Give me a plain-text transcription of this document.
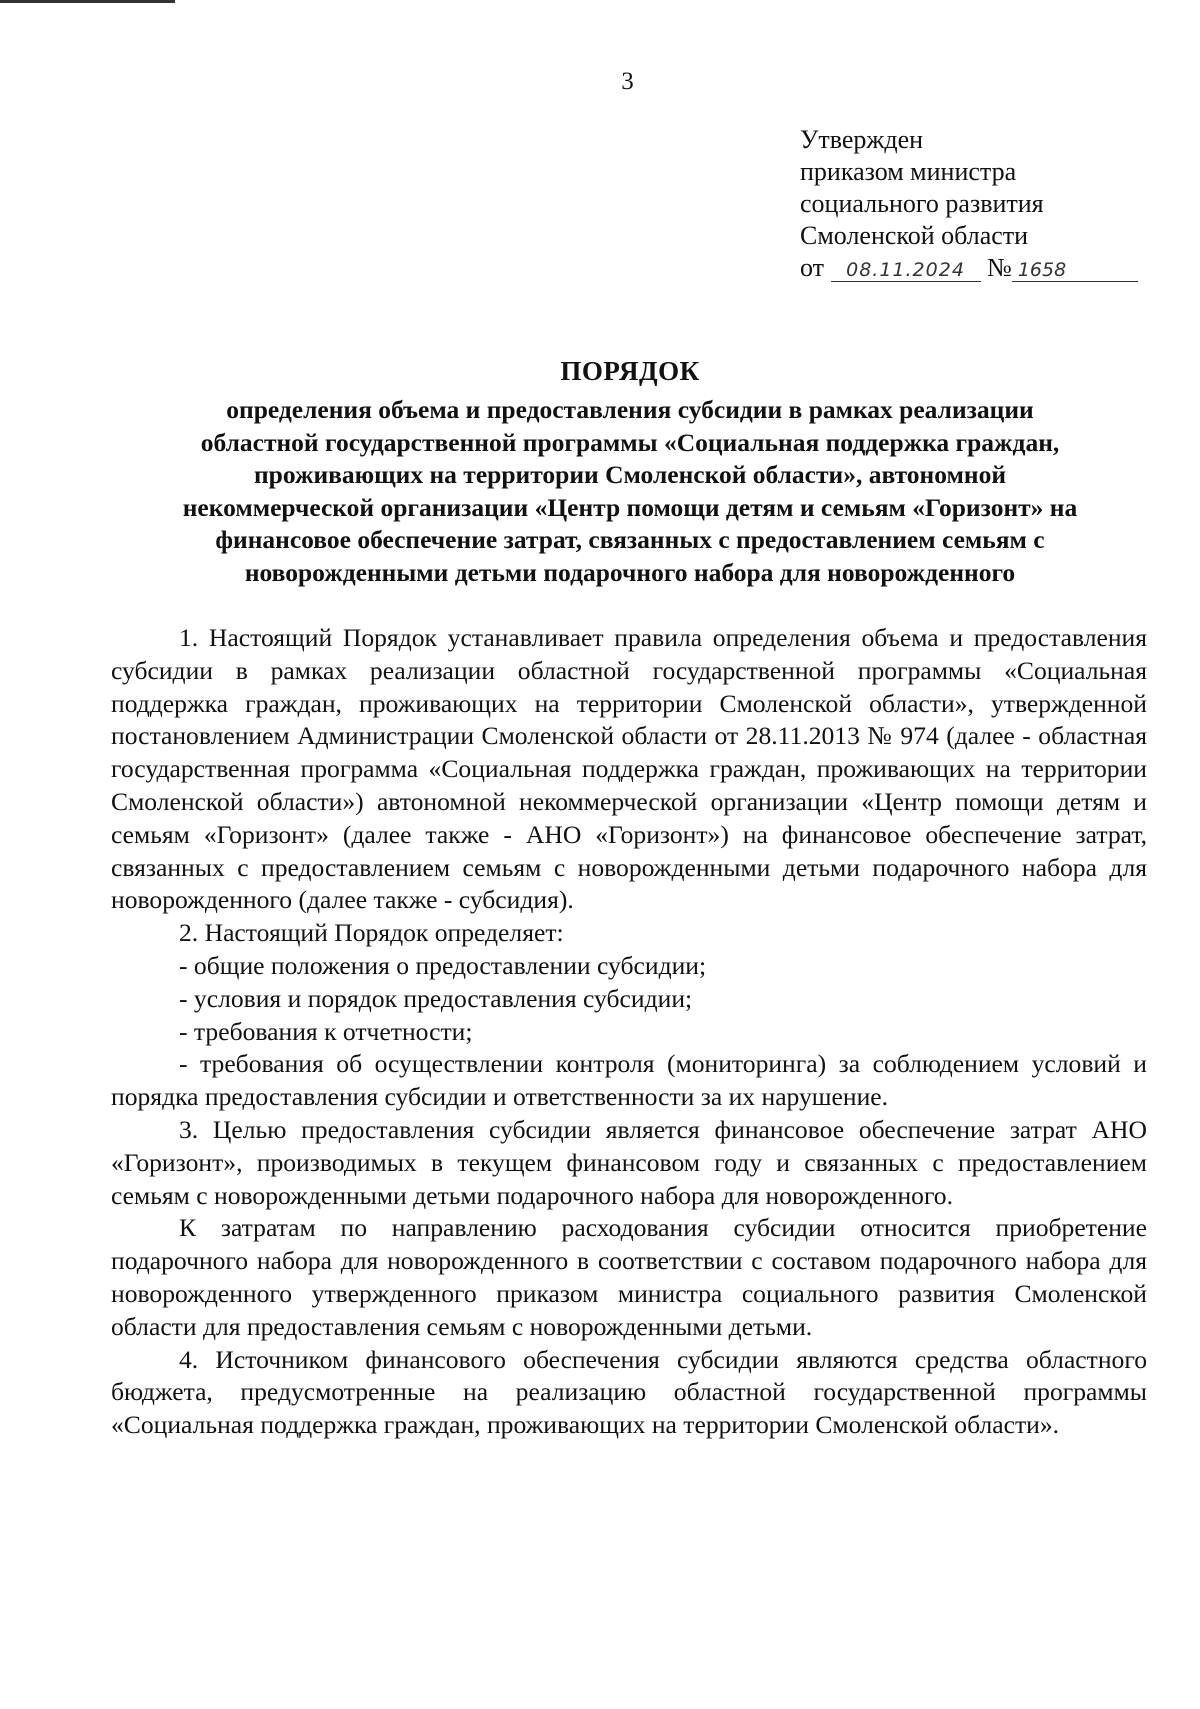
3
Утвержден
приказом министра
социального развития
Смоленской области
от 08.11.2024 № 1658
ПОРЯДОК
определения объема и предоставления субсидии в рамках реализации
областной государственной программы «Социальная поддержка граждан,
проживающих на территории Смоленской области», автономной
некоммерческой организации «Центр помощи детям и семьям «Горизонт» на
финансовое обеспечение затрат, связанных с предоставлением семьям с
новорожденными детьми подарочного набора для новорожденного

1. Настоящий Порядок устанавливает правила определения объема и предоставления субсидии в рамках реализации областной государственной программы «Социальная поддержка граждан, проживающих на территории Смоленской области», утвержденной постановлением Администрации Смоленской области от 28.11.2013 № 974 (далее - областная государственная программа «Социальная поддержка граждан, проживающих на территории Смоленской области») автономной некоммерческой организации «Центр помощи детям и семьям «Горизонт» (далее также - АНО «Горизонт») на финансовое обеспечение затрат, связанных с предоставлением семьям с новорожденными детьми подарочного набора для новорожденного (далее также - субсидия).

2. Настоящий Порядок определяет:

- общие положения о предоставлении субсидии;

- условия и порядок предоставления субсидии;

- требования к отчетности;

- требования об осуществлении контроля (мониторинга) за соблюдением условий и порядка предоставления субсидии и ответственности за их нарушение.

3. Целью предоставления субсидии является финансовое обеспечение затрат АНО «Горизонт», производимых в текущем финансовом году и связанных с предоставлением семьям с новорожденными детьми подарочного набора для новорожденного.

К затратам по направлению расходования субсидии относится приобретение подарочного набора для новорожденного в соответствии с составом подарочного набора для новорожденного утвержденного приказом министра социального развития Смоленской области для предоставления семьям с новорожденными детьми.

4. Источником финансового обеспечения субсидии являются средства областного бюджета, предусмотренные на реализацию областной государственной программы «Социальная поддержка граждан, проживающих на территории Смоленской области».
